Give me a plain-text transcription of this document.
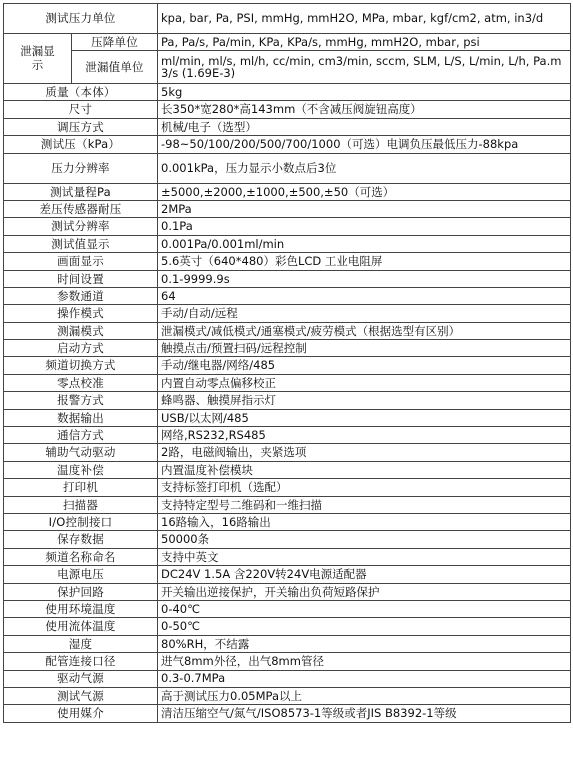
测试压力单位		kpa, bar, Pa, PSI, mmHg, mmH2O, MPa, mbar, kgf/cm2, atm, in3/d
泄漏显示	压降单位	Pa, Pa/s, Pa/min, KPa, KPa/s, mmHg, mmH2O, mbar, psi
	泄漏值单位	ml/min, ml/s, ml/h, cc/min, cm3/min, sccm, SLM, L/S, L/min, L/h, Pa.m3/s (1.69E-3)
质量（本体）		5kg
尺寸		长350*宽280*高143mm（不含减压阀旋钮高度）
调压方式		机械/电子（选型）
测试压（kPa）		-98~50/100/200/500/700/1000（可选）电调负压最低压力-88kpa
压力分辨率		0.001kPa，压力显示小数点后3位
测试量程Pa		±5000,±2000,±1000,±500,±50（可选）
差压传感器耐压		2MPa
测试分辨率		0.1Pa
测试值显示		0.001Pa/0.001ml/min
画面显示		5.6英寸（640*480）彩色LCD 工业电阻屏
时间设置		0.1-9999.9s
参数通道		64
操作模式		手动/自动/远程
测漏模式		泄漏模式/减低模式/通塞模式/疲劳模式（根据选型有区别）
启动方式		触摸点击/预置扫码/远程控制
频道切换方式		手动/继电器/网络/485
零点校准		内置自动零点偏移校正
报警方式		蜂鸣器、触摸屏指示灯
数据输出		USB/以太网/485
通信方式		网络,RS232,RS485
辅助气动驱动		2路，电磁阀输出，夹紧选项
温度补偿		内置温度补偿模块
打印机		支持标签打印机（选配）
扫描器		支持特定型号二维码和一维扫描
I/O控制接口		16路输入，16路输出
保存数据		50000条
频道名称命名		支持中英文
电源电压		DC24V 1.5A 含220V转24V电源适配器
保护回路		开关输出逆接保护，开关输出负荷短路保护
使用环境温度		0-40℃
使用流体温度		0-50℃
湿度		80%RH，不结露
配管连接口径		进气8mm外径，出气8mm管径
驱动气源		0.3-0.7MPa
测试气源		高于测试压力0.05MPa以上
使用媒介		清洁压缩空气/氮气/ISO8573-1等级或者JIS B8392-1等级
